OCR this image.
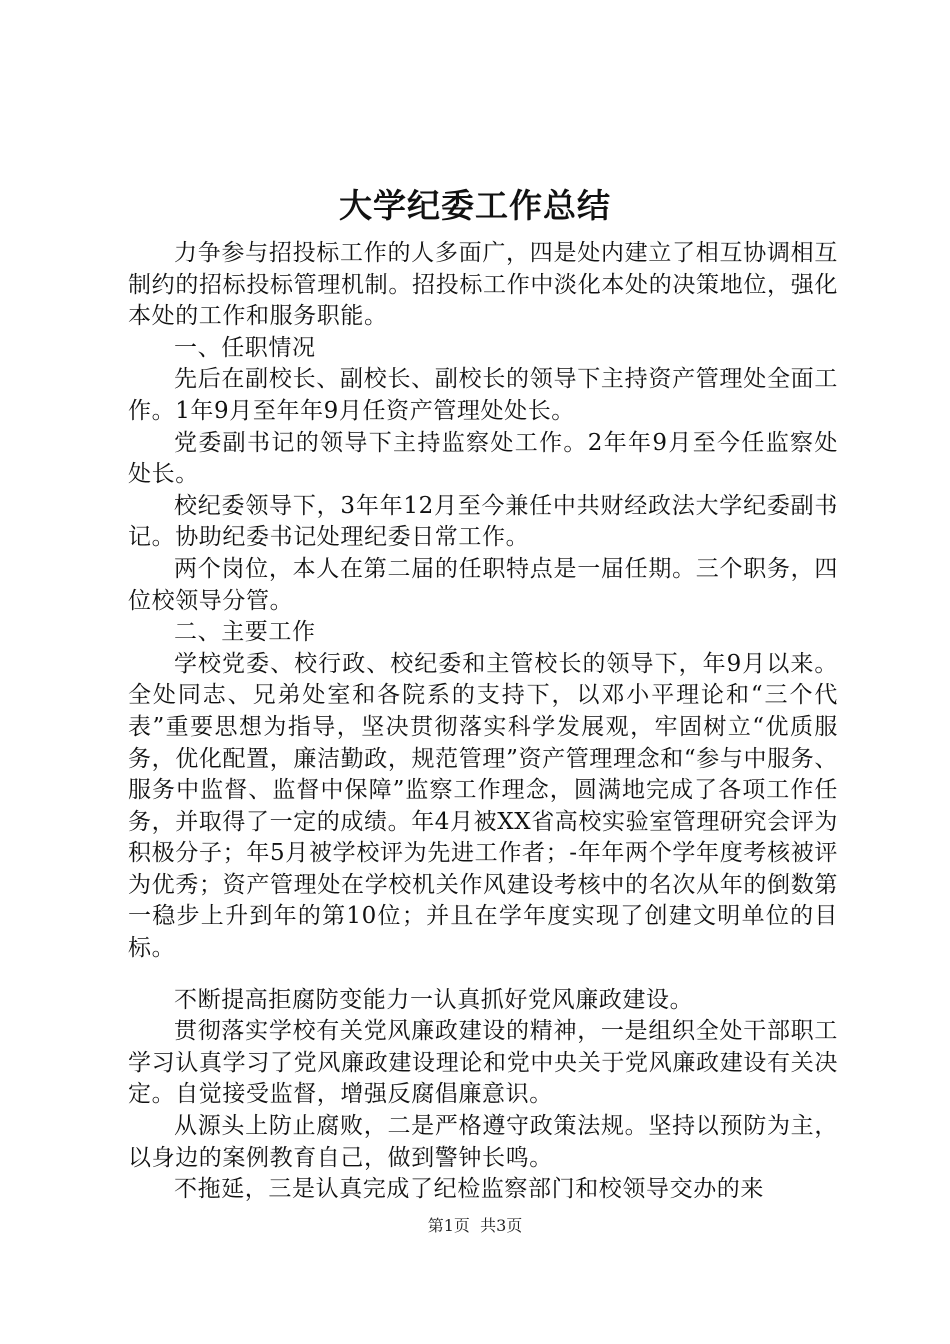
大学纪委工作总结

力争参与招投标工作的人多面广，四是处内建立了相互协调相互制约的招标投标管理机制。招投标工作中淡化本处的决策地位，强化本处的工作和服务职能。

一、任职情况

先后在副校长、副校长、副校长的领导下主持资产管理处全面工作。1年9月至年年9月任资产管理处处长。

党委副书记的领导下主持监察处工作。2年年9月至今任监察处处长。

校纪委领导下，3年年12月至今兼任中共财经政法大学纪委副书记。协助纪委书记处理纪委日常工作。

两个岗位，本人在第二届的任职特点是一届任期。三个职务，四位校领导分管。

二、主要工作

学校党委、校行政、校纪委和主管校长的领导下，年9月以来。全处同志、兄弟处室和各院系的支持下，以邓小平理论和“三个代表”重要思想为指导，坚决贯彻落实科学发展观，牢固树立“优质服务，优化配置，廉洁勤政，规范管理”资产管理理念和“参与中服务、服务中监督、监督中保障”监察工作理念，圆满地完成了各项工作任务，并取得了一定的成绩。年4月被XX省高校实验室管理研究会评为积极分子；年5月被学校评为先进工作者；-年年两个学年度考核被评为优秀；资产管理处在学校机关作风建设考核中的名次从年的倒数第一稳步上升到年的第10位；并且在学年度实现了创建文明单位的目标。

不断提高拒腐防变能力一认真抓好党风廉政建设。

贯彻落实学校有关党风廉政建设的精神，一是组织全处干部职工学习认真学习了党风廉政建设理论和党中央关于党风廉政建设有关决定。自觉接受监督，增强反腐倡廉意识。

从源头上防止腐败，二是严格遵守政策法规。坚持以预防为主，以身边的案例教育自己，做到警钟长鸣。

不拖延，三是认真完成了纪检监察部门和校领导交办的来

第1页 共3页
